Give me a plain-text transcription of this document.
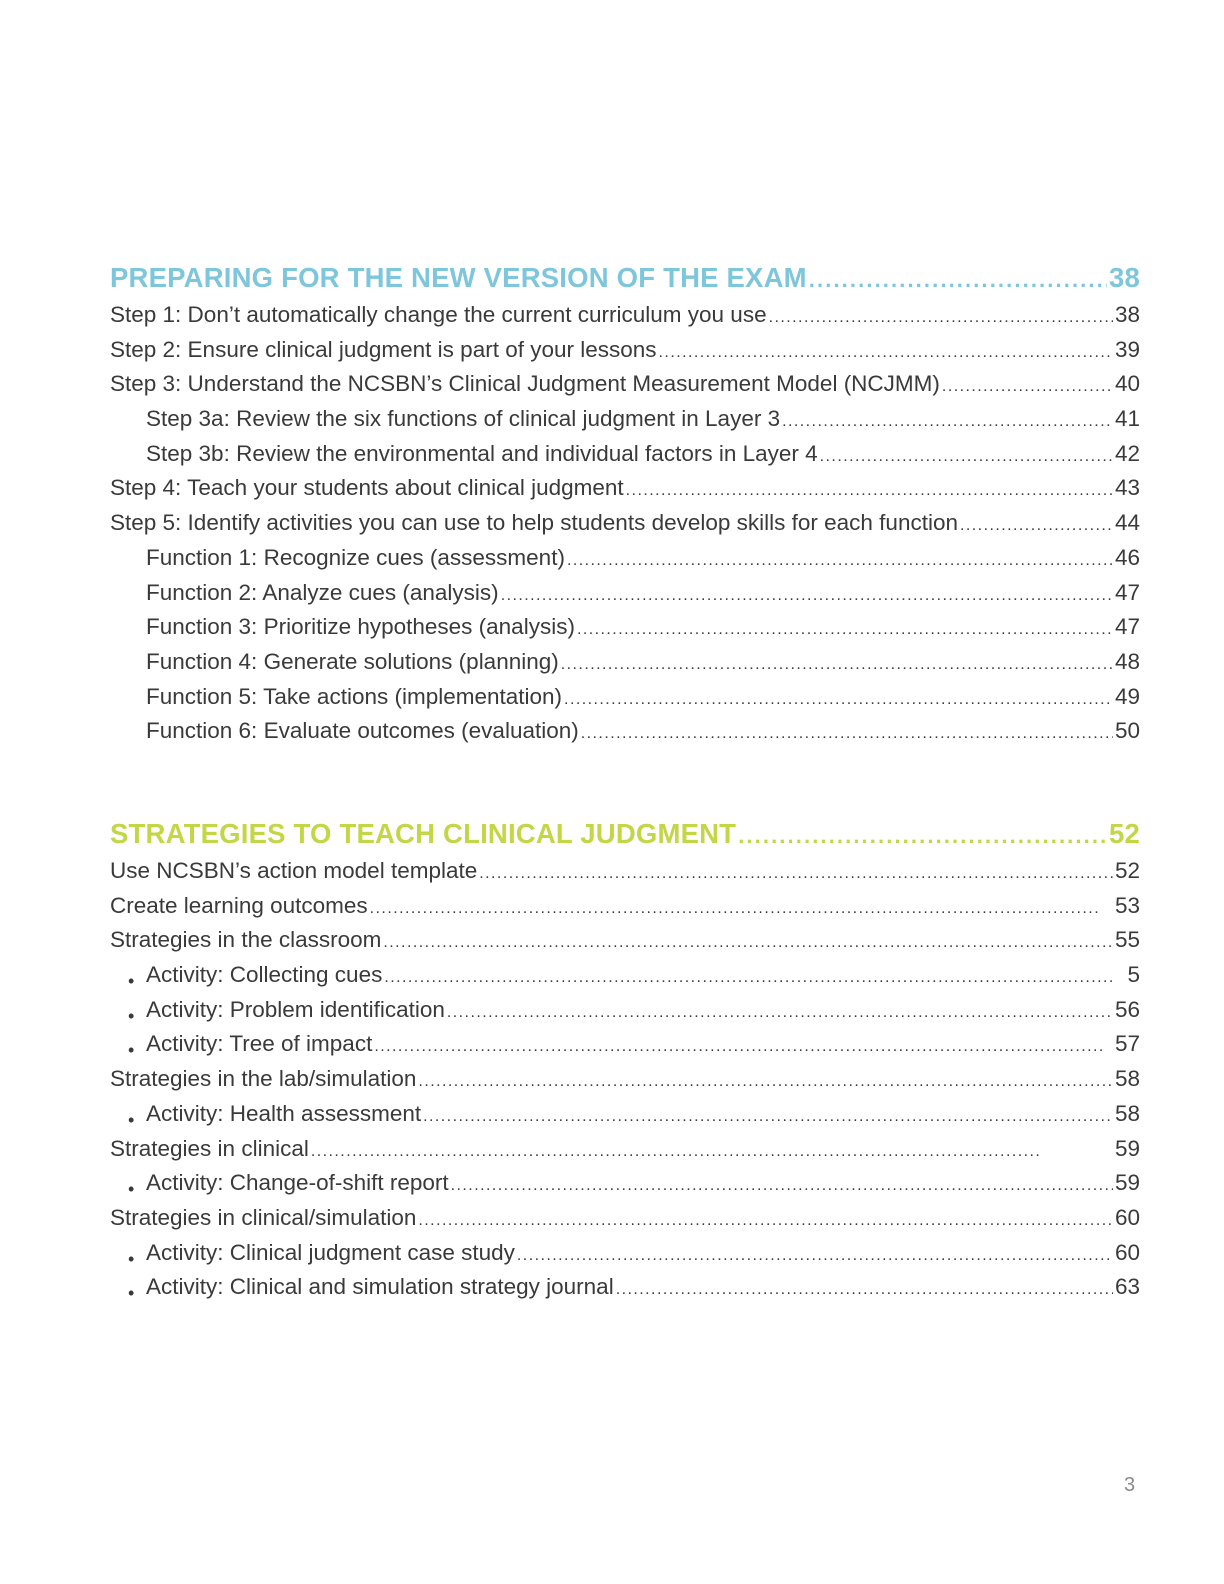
PREPARING FOR THE NEW VERSION OF THE EXAM . . .	38
Step 1: Don’t automatically change the current curriculum you use . . .	38
Step 2: Ensure clinical judgment is part of your lessons . . .	39
Step 3: Understand the NCSBN’s Clinical Judgment Measurement Model (NCJMM) . . .	40
Step 3a: Review the six functions of clinical judgment in Layer 3 . . .	41
Step 3b: Review the environmental and individual factors in Layer 4 . . .	42
Step 4: Teach your students about clinical judgment . . .	43
Step 5: Identify activities you can use to help students develop skills for each function . . .	44
Function 1: Recognize cues (assessment) . . .	46
Function 2: Analyze cues (analysis) . . .	47
Function 3: Prioritize hypotheses (analysis) . . .	47
Function 4: Generate solutions (planning) . . .	48
Function 5: Take actions (implementation) . . .	49
Function 6: Evaluate outcomes (evaluation) . . .	50
STRATEGIES TO TEACH CLINICAL JUDGMENT . . .	52
Use NCSBN’s action model template . . .	52
Create learning outcomes . . .	53
Strategies in the classroom . . .	55
• Activity: Collecting cues . . .	5
• Activity: Problem identification . . .	56
• Activity: Tree of impact . . .	57
Strategies in the lab/simulation . . .	58
• Activity: Health assessment . . .	58
Strategies in clinical . . .	59
• Activity: Change-of-shift report . . .	59
Strategies in clinical/simulation . . .	60
• Activity: Clinical judgment case study . . .	60
• Activity: Clinical and simulation strategy journal . . .	63
3
